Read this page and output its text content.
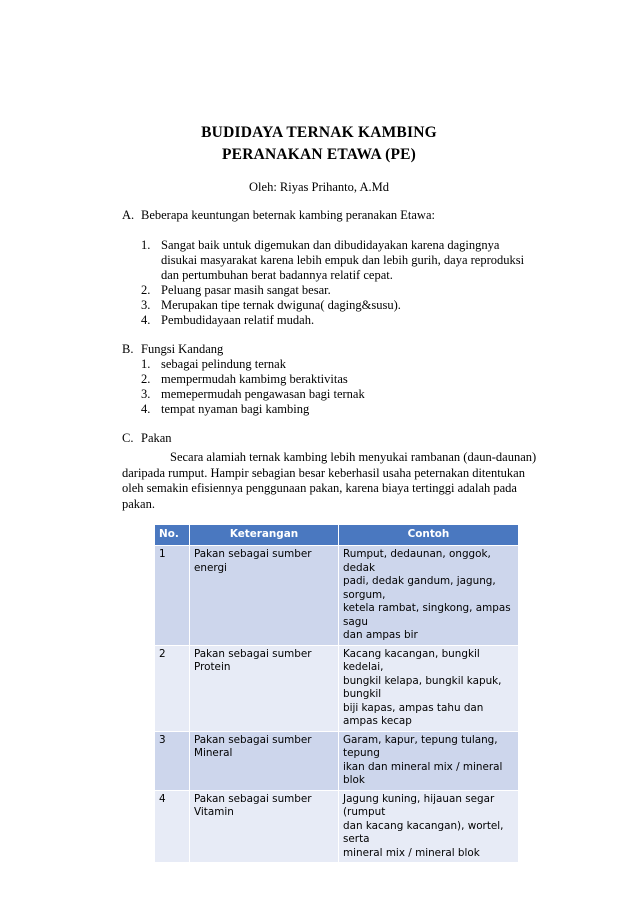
BUDIDAYA TERNAK KAMBING
PERANAKAN ETAWA (PE)
Oleh: Riyas Prihanto, A.Md
A. Beberapa keuntungan beternak kambing peranakan Etawa:
1. Sangat baik untuk digemukan dan dibudidayakan karena dagingnya
disukai masyarakat karena lebih empuk dan lebih gurih, daya reproduksi
dan pertumbuhan berat badannya relatif cepat.
2. Peluang pasar masih sangat besar.
3. Merupakan tipe ternak dwiguna( daging&susu).
4. Pembudidayaan relatif mudah.
B. Fungsi Kandang
1. sebagai pelindung ternak
2. mempermudah kambimg beraktivitas
3. memepermudah pengawasan bagi ternak
4. tempat nyaman bagi kambing
C. Pakan
Secara alamiah ternak kambing lebih menyukai rambanan (daun-daunan)
daripada rumput. Hampir sebagian besar keberhasil usaha peternakan ditentukan
oleh semakin efisiennya penggunaan pakan, karena biaya tertinggi adalah pada
pakan.
No.	Keterangan	Contoh
1	Pakan sebagai sumber energi	Rumput, dedaunan, onggok, dedak
padi, dedak gandum, jagung, sorgum,
ketela rambat, singkong, ampas sagu
dan ampas bir

2	Pakan sebagai sumber Protein	Kacang kacangan, bungkil kedelai,
bungkil kelapa, bungkil kapuk, bungkil
biji kapas, ampas tahu dan ampas kecap

3	Pakan sebagai sumber Mineral	Garam, kapur, tepung tulang, tepung
ikan dan mineral mix / mineral blok

4	Pakan sebagai sumber Vitamin	Jagung kuning, hijauan segar (rumput
dan kacang kacangan), wortel, serta
mineral mix / mineral blok
